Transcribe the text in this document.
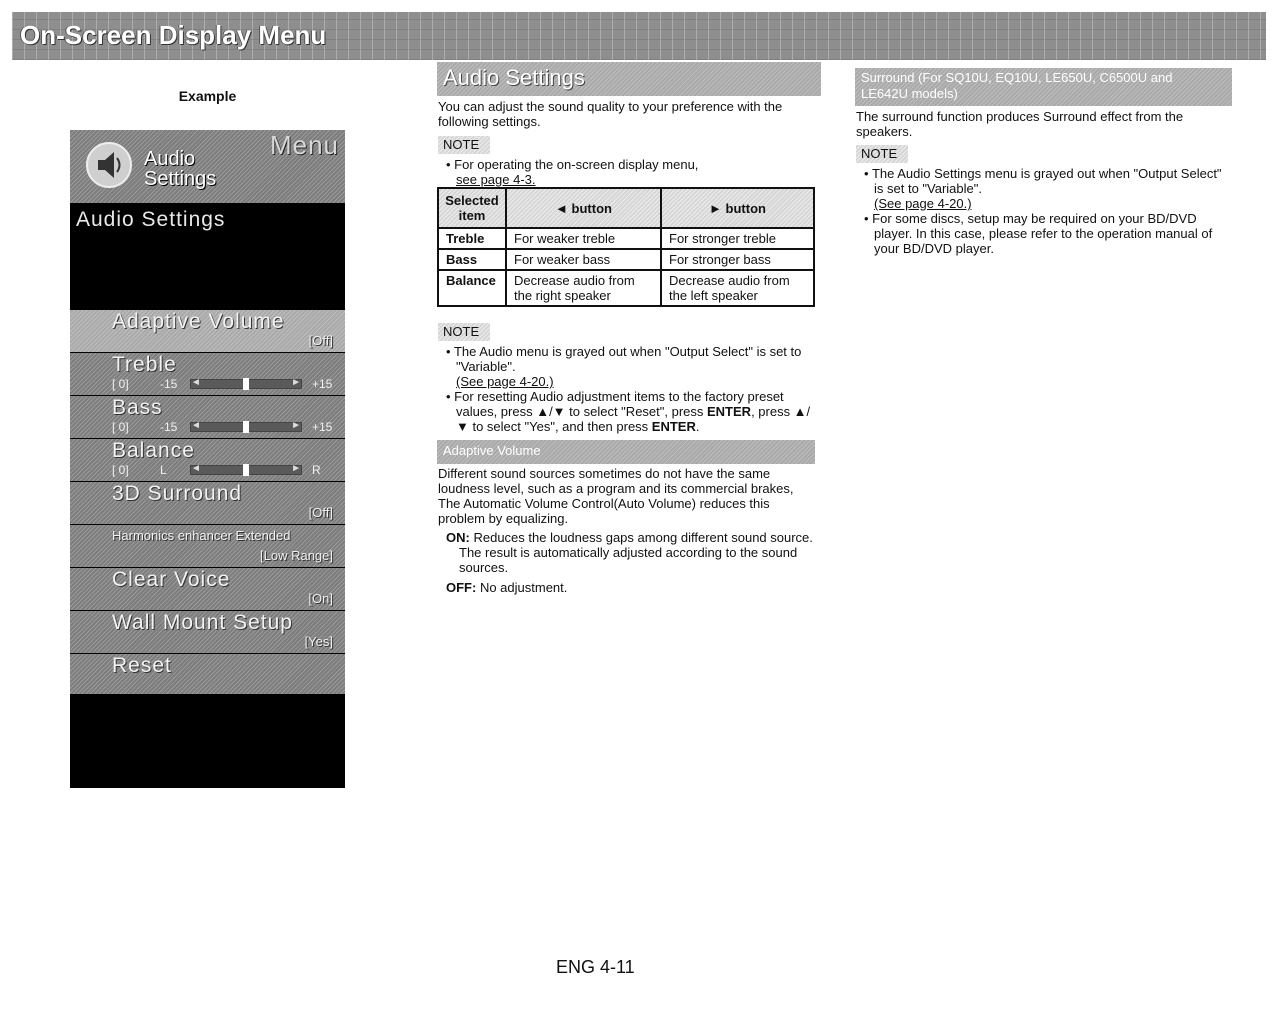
On-Screen Display Menu
Example
Menu
Audio
Settings
Audio Settings
Adaptive Volume
[Off]
Treble
[ 0]	-15 ◄	► +15
Bass
[ 0]	-15 ◄	► +15
Balance
[ 0]	L ◄	► R
3D Surround
[Off]
Harmonics enhancer Extended
[Low Range]
Clear Voice
[On]
Wall Mount Setup
[Yes]
Reset
Audio Settings
You can adjust the sound quality to your preference with the following settings.
NOTE
• For operating the on-screen display menu,
see page 4-3.
Selected item	◄ button	► button
Treble	For weaker treble	For stronger treble
Bass	For weaker bass	For stronger bass
Balance	Decrease audio from the right speaker	Decrease audio from the left speaker
NOTE
• The Audio menu is grayed out when "Output Select" is set to "Variable".
(See page 4-20.)
• For resetting Audio adjustment items to the factory preset values, press ▲/▼ to select "Reset", press ENTER, press ▲/▼ to select "Yes", and then press ENTER.
Adaptive Volume
Different sound sources sometimes do not have the same loudness level, such as a program and its commercial brakes, The Automatic Volume Control(Auto Volume) reduces this problem by equalizing.
ON: Reduces the loudness gaps among different sound source. The result is automatically adjusted according to the sound sources.
OFF: No adjustment.
Surround (For SQ10U, EQ10U, LE650U, C6500U and LE642U models)
The surround function produces Surround effect from the speakers.
NOTE
• The Audio Settings menu is grayed out when "Output Select" is set to "Variable".
(See page 4-20.)
• For some discs, setup may be required on your BD/DVD player. In this case, please refer to the operation manual of your BD/DVD player.
ENG 4-11
